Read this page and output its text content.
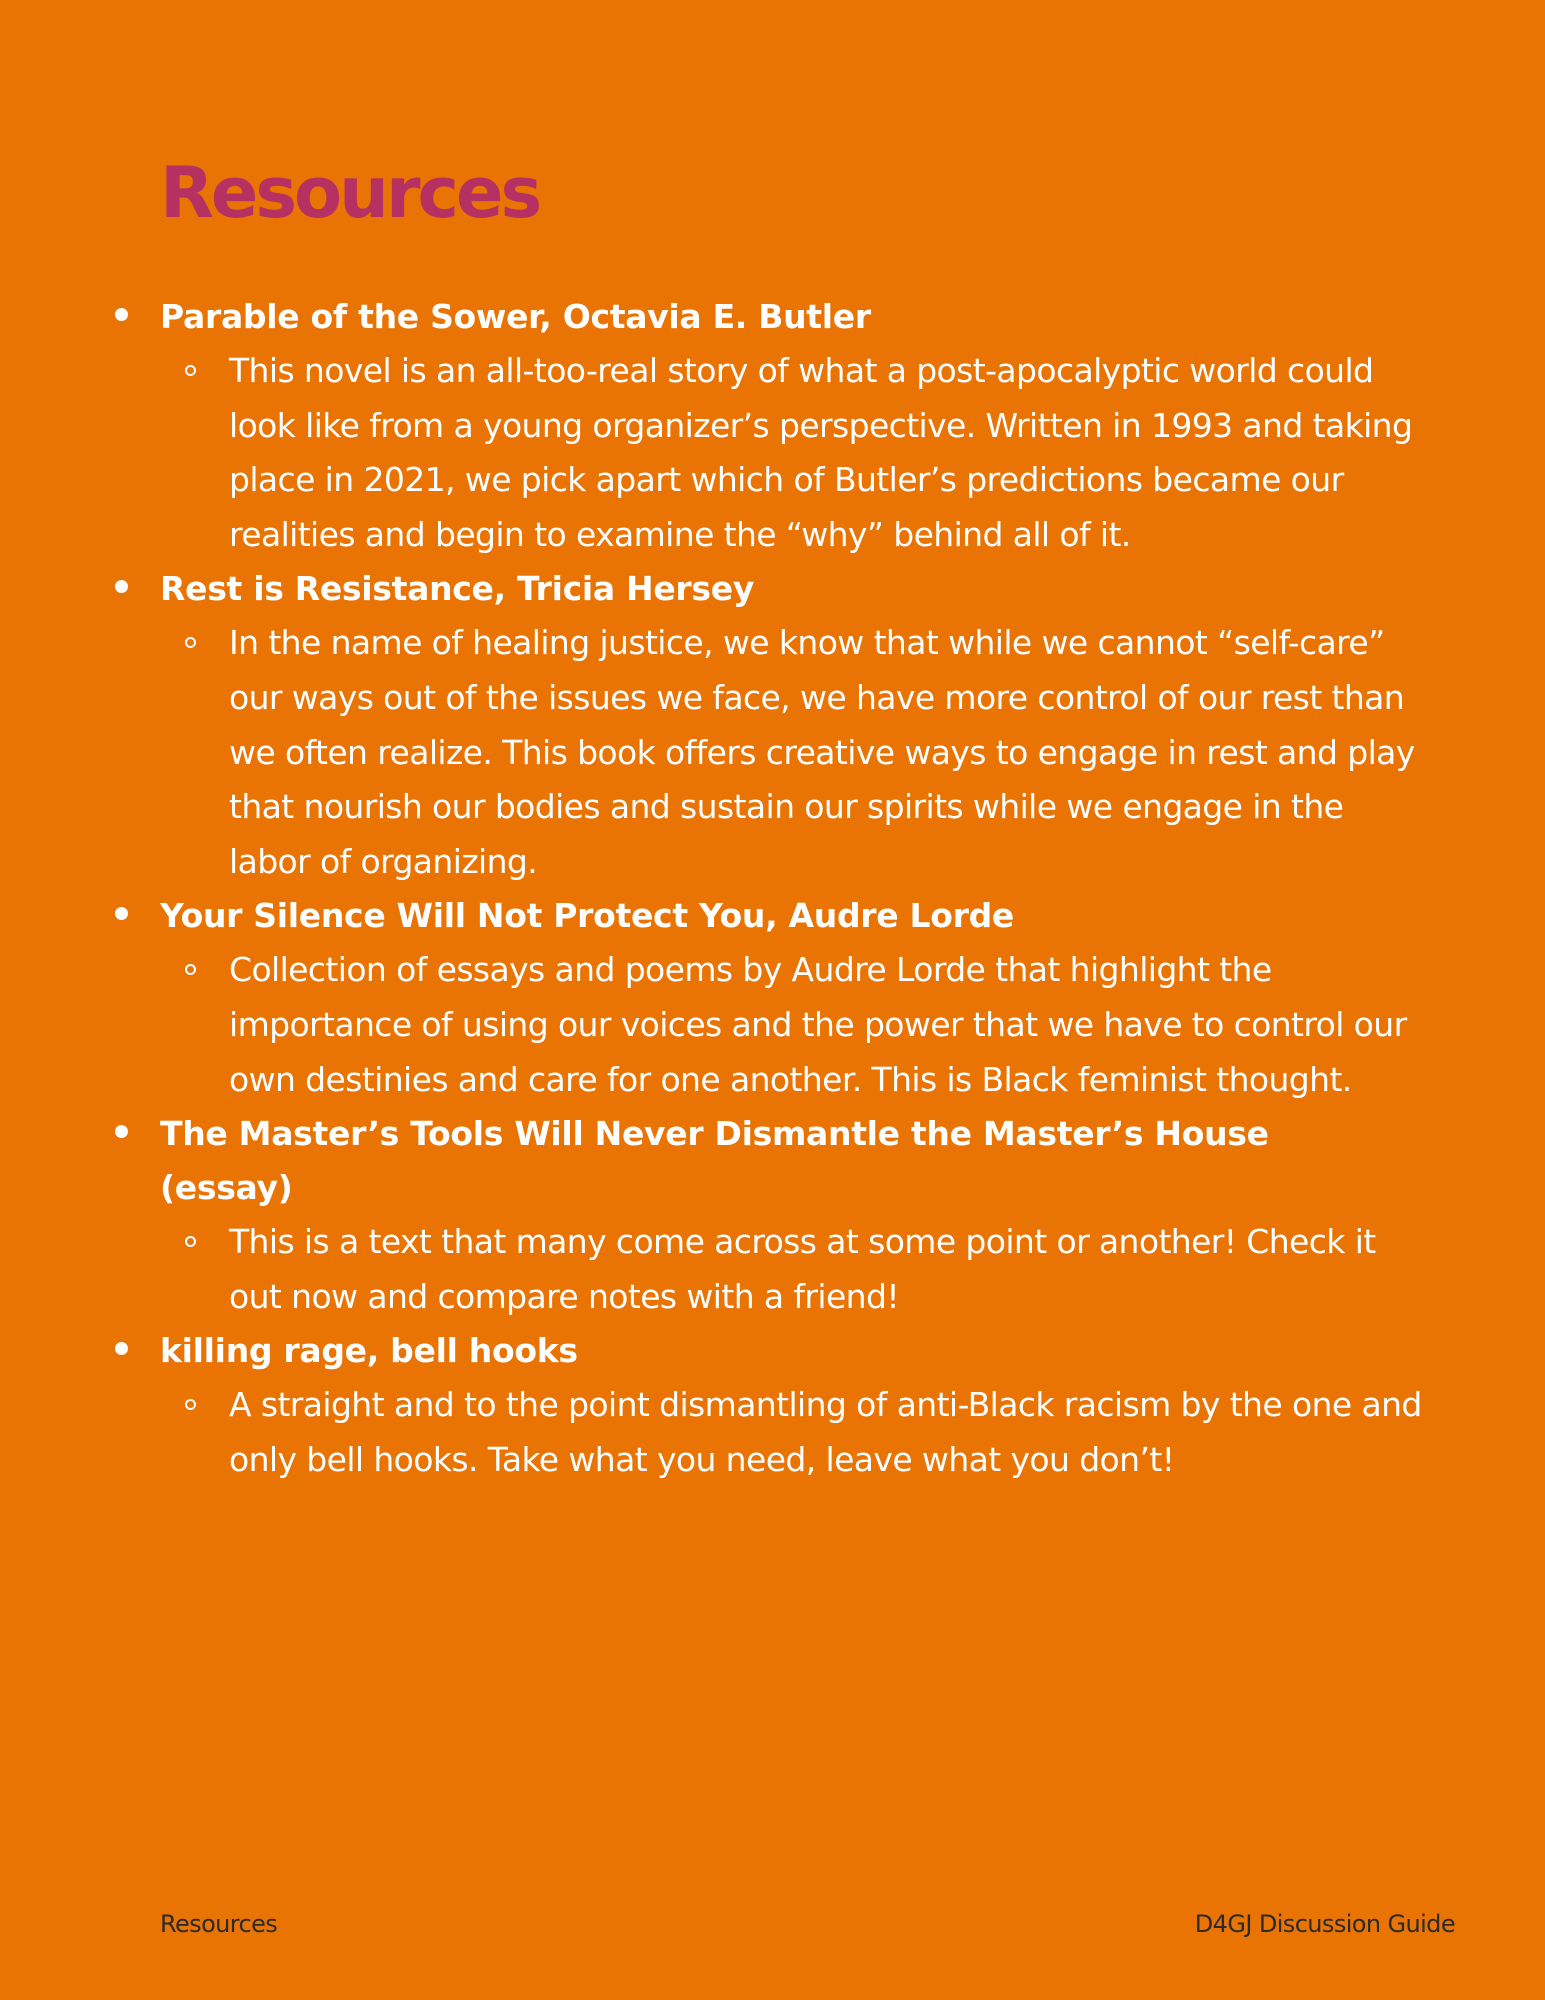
Resources
Parable of the Sower, Octavia E. Butler
This novel is an all-too-real story of what a post-apocalyptic world could look like from a young organizer’s perspective. Written in 1993 and taking place in 2021, we pick apart which of Butler’s predictions became our realities and begin to examine the “why” behind all of it.
Rest is Resistance, Tricia Hersey
In the name of healing justice, we know that while we cannot “self-care” our ways out of the issues we face, we have more control of our rest than we often realize. This book offers creative ways to engage in rest and play that nourish our bodies and sustain our spirits while we engage in the labor of organizing.
Your Silence Will Not Protect You, Audre Lorde
Collection of essays and poems by Audre Lorde that highlight the importance of using our voices and the power that we have to control our own destinies and care for one another. This is Black feminist thought.
The Master’s Tools Will Never Dismantle the Master’s House (essay)
This is a text that many come across at some point or another! Check it out now and compare notes with a friend!
killing rage, bell hooks
A straight and to the point dismantling of anti-Black racism by the one and only bell hooks. Take what you need, leave what you don’t!
Resources	D4GJ Discussion Guide
